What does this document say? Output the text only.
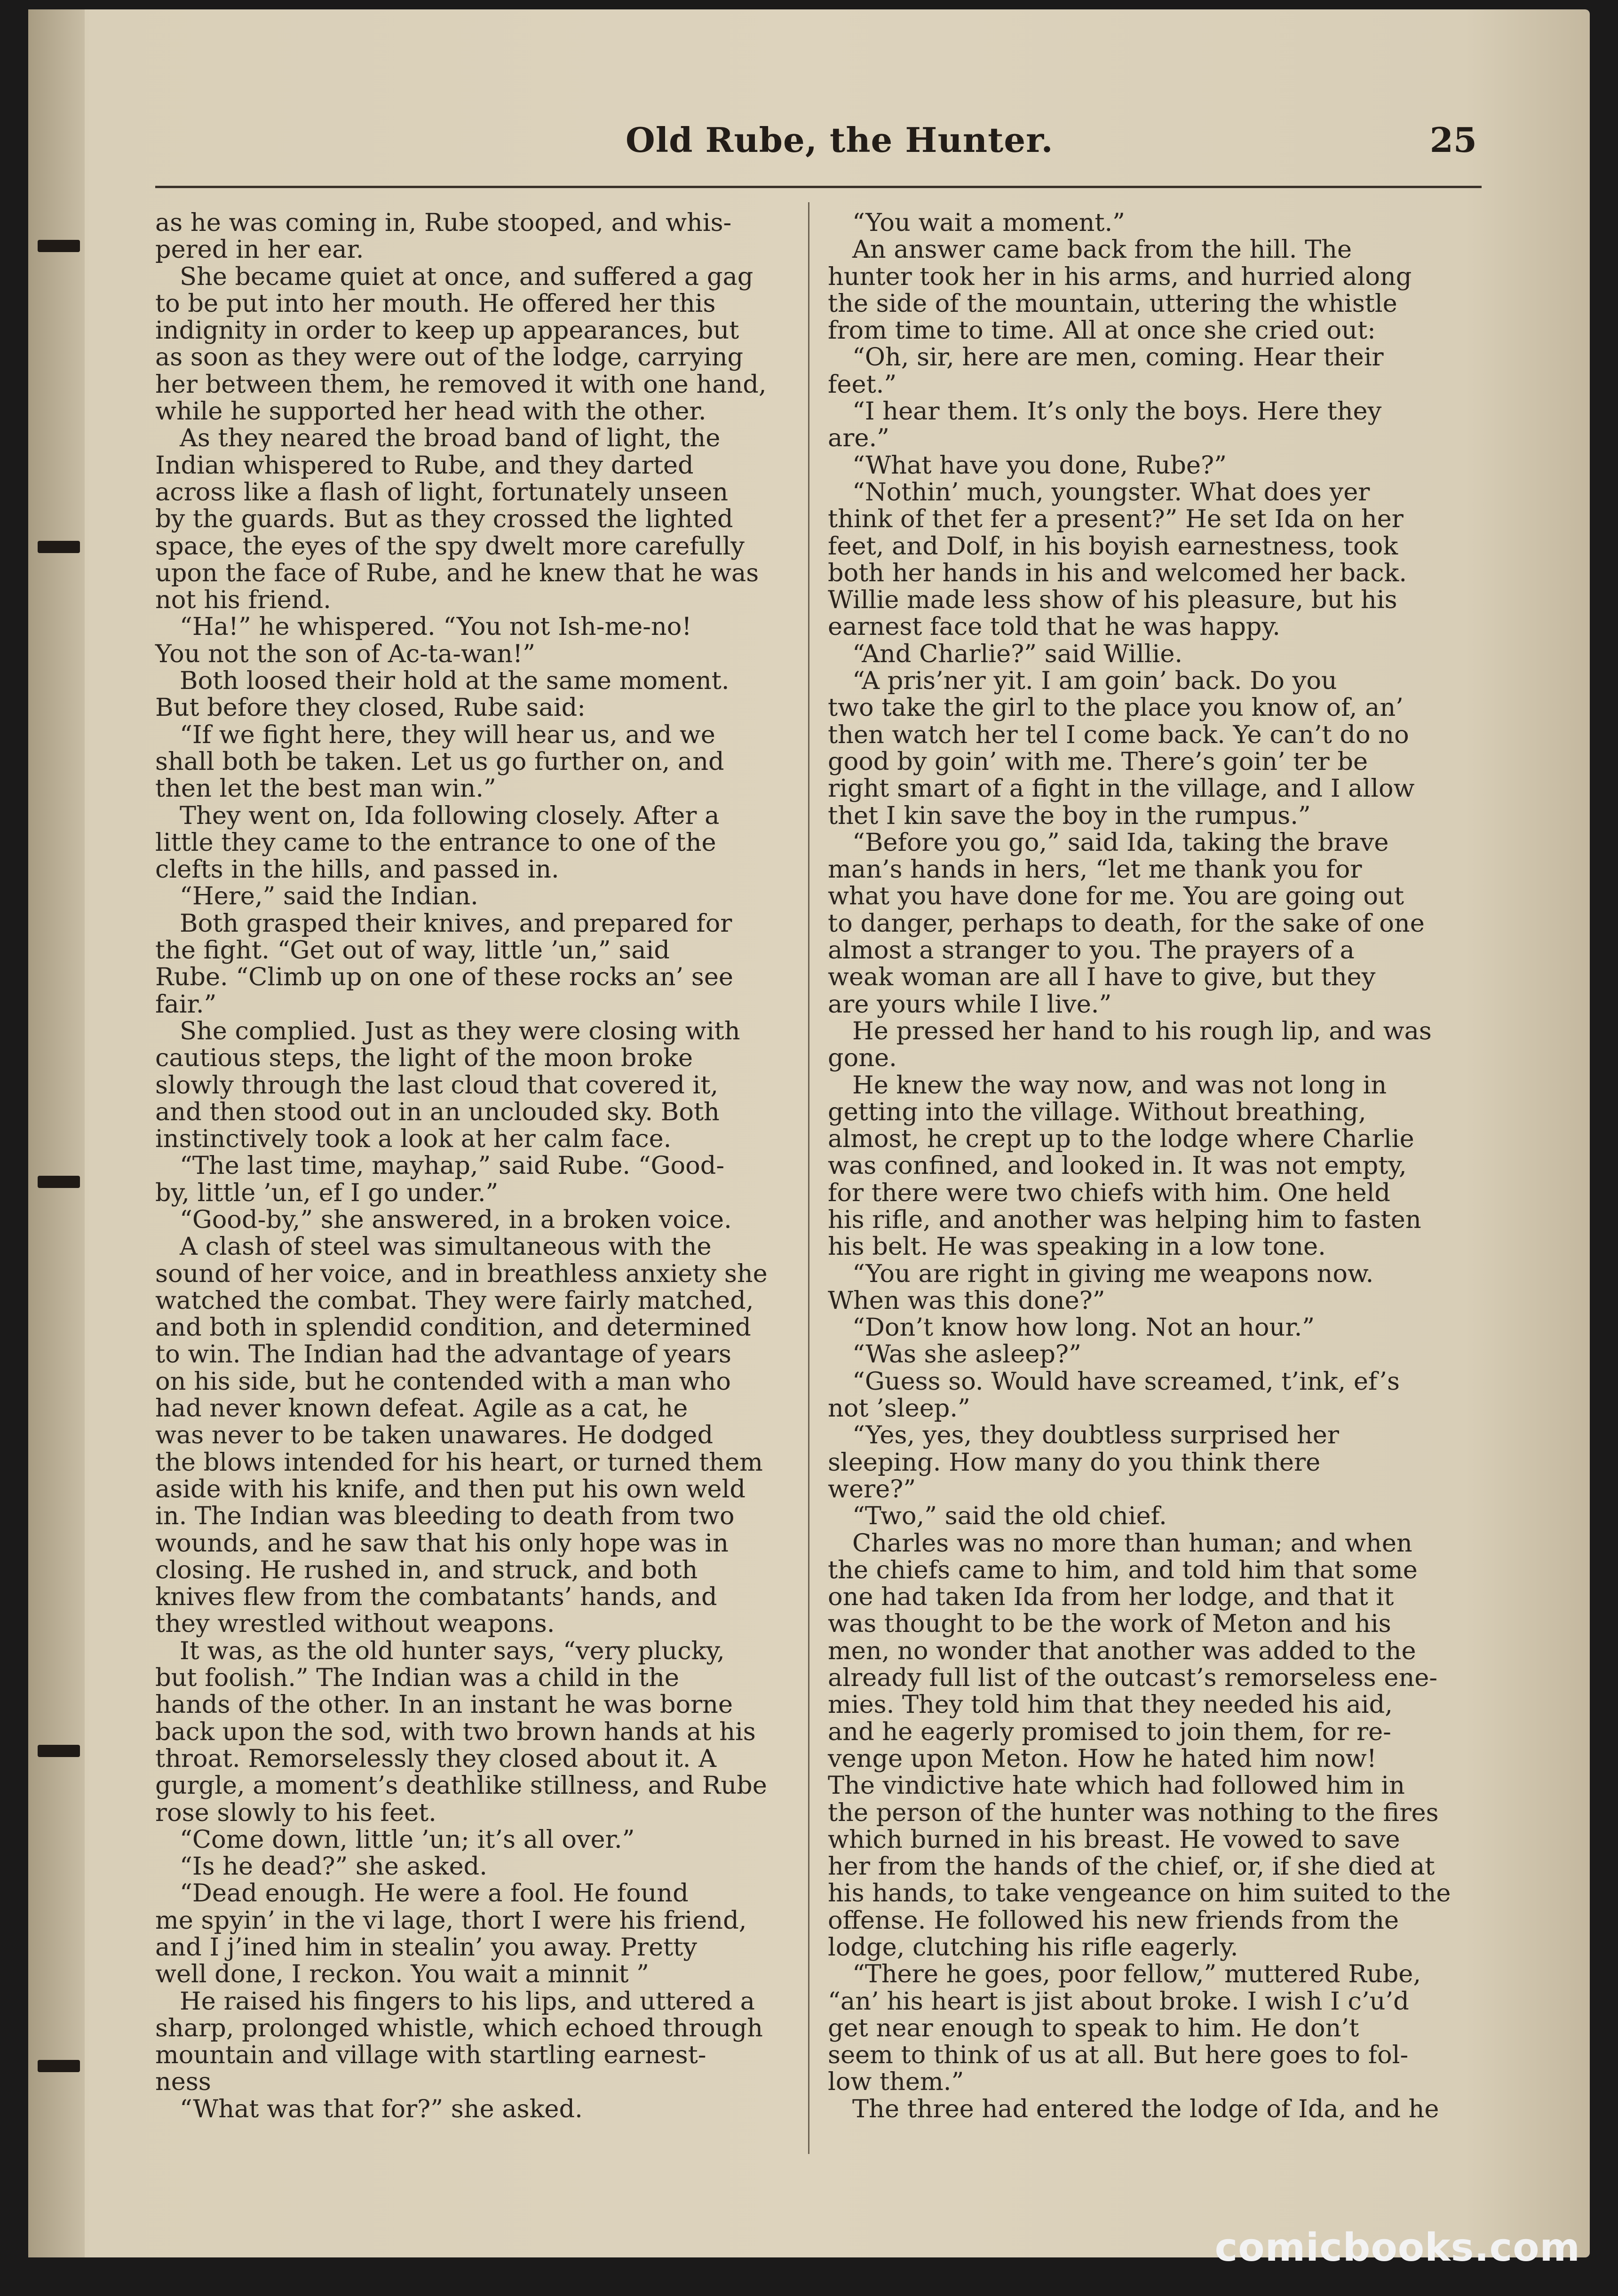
Old Rube, the Hunter.	25

as he was coming in, Rube stooped, and whis-
pered in her ear.

She became quiet at once, and suffered a gag
to be put into her mouth. He offered her this
indignity in order to keep up appearances, but
as soon as they were out of the lodge, carrying
her between them, he removed it with one hand,
while he supported her head with the other.

As they neared the broad band of light, the
Indian whispered to Rube, and they darted
across like a flash of light, fortunately unseen
by the guards. But as they crossed the lighted
space, the eyes of the spy dwelt more carefully
upon the face of Rube, and he knew that he was
not his friend.

“Ha!” he whispered. “You not Ish-me-no!
You not the son of Ac-ta-wan!”

Both loosed their hold at the same moment.
But before they closed, Rube said:

“If we fight here, they will hear us, and we
shall both be taken. Let us go further on, and
then let the best man win.”

They went on, Ida following closely. After a
little they came to the entrance to one of the
clefts in the hills, and passed in.

“Here,” said the Indian.

Both grasped their knives, and prepared for
the fight. “Get out of way, little ’un,” said
Rube. “Climb up on one of these rocks an’ see
fair.”

She complied. Just as they were closing with
cautious steps, the light of the moon broke
slowly through the last cloud that covered it,
and then stood out in an unclouded sky. Both
instinctively took a look at her calm face.

“The last time, mayhap,” said Rube. “Good-
by, little ’un, ef I go under.”

“Good-by,” she answered, in a broken voice.

A clash of steel was simultaneous with the
sound of her voice, and in breathless anxiety she
watched the combat. They were fairly matched,
and both in splendid condition, and determined
to win. The Indian had the advantage of years
on his side, but he contended with a man who
had never known defeat. Agile as a cat, he
was never to be taken unawares. He dodged
the blows intended for his heart, or turned them
aside with his knife, and then put his own weld
in. The Indian was bleeding to death from two
wounds, and he saw that his only hope was in
closing. He rushed in, and struck, and both
knives flew from the combatants’ hands, and
they wrestled without weapons.

It was, as the old hunter says, “very plucky,
but foolish.” The Indian was a child in the
hands of the other. In an instant he was borne
back upon the sod, with two brown hands at his
throat. Remorselessly they closed about it. A
gurgle, a moment’s deathlike stillness, and Rube
rose slowly to his feet.

“Come down, little ’un; it’s all over.”

“Is he dead?” she asked.

“Dead enough. He were a fool. He found
me spyin’ in the vi lage, thort I were his friend,
and I j’ined him in stealin’ you away. Pretty
well done, I reckon. You wait a minnit ”

He raised his fingers to his lips, and uttered a
sharp, prolonged whistle, which echoed through
mountain and village with startling earnest-
ness

“What was that for?” she asked.

“You wait a moment.”

An answer came back from the hill. The
hunter took her in his arms, and hurried along
the side of the mountain, uttering the whistle
from time to time. All at once she cried out:

“Oh, sir, here are men, coming. Hear their
feet.”

“I hear them. It’s only the boys. Here they
are.”

“What have you done, Rube?”

“Nothin’ much, youngster. What does yer
think of thet fer a present?” He set Ida on her
feet, and Dolf, in his boyish earnestness, took
both her hands in his and welcomed her back.
Willie made less show of his pleasure, but his
earnest face told that he was happy.

“And Charlie?” said Willie.

“A pris’ner yit. I am goin’ back. Do you
two take the girl to the place you know of, an’
then watch her tel I come back. Ye can’t do no
good by goin’ with me. There’s goin’ ter be
right smart of a fight in the village, and I allow
thet I kin save the boy in the rumpus.”

“Before you go,” said Ida, taking the brave
man’s hands in hers, “let me thank you for
what you have done for me. You are going out
to danger, perhaps to death, for the sake of one
almost a stranger to you. The prayers of a
weak woman are all I have to give, but they
are yours while I live.”

He pressed her hand to his rough lip, and was
gone.

He knew the way now, and was not long in
getting into the village. Without breathing,
almost, he crept up to the lodge where Charlie
was confined, and looked in. It was not empty,
for there were two chiefs with him. One held
his rifle, and another was helping him to fasten
his belt. He was speaking in a low tone.

“You are right in giving me weapons now.
When was this done?”

“Don’t know how long. Not an hour.”

“Was she asleep?”

“Guess so. Would have screamed, t’ink, ef’s
not ’sleep.”

“Yes, yes, they doubtless surprised her
sleeping. How many do you think there
were?”

“Two,” said the old chief.

Charles was no more than human; and when
the chiefs came to him, and told him that some
one had taken Ida from her lodge, and that it
was thought to be the work of Meton and his
men, no wonder that another was added to the
already full list of the outcast’s remorseless ene-
mies. They told him that they needed his aid,
and he eagerly promised to join them, for re-
venge upon Meton. How he hated him now!
The vindictive hate which had followed him in
the person of the hunter was nothing to the fires
which burned in his breast. He vowed to save
her from the hands of the chief, or, if she died at
his hands, to take vengeance on him suited to the
offense. He followed his new friends from the
lodge, clutching his rifle eagerly.

“There he goes, poor fellow,” muttered Rube,
“an’ his heart is jist about broke. I wish I c’u’d
get near enough to speak to him. He don’t
seem to think of us at all. But here goes to fol-
low them.”

The three had entered the lodge of Ida, and he

comicbooks.com
